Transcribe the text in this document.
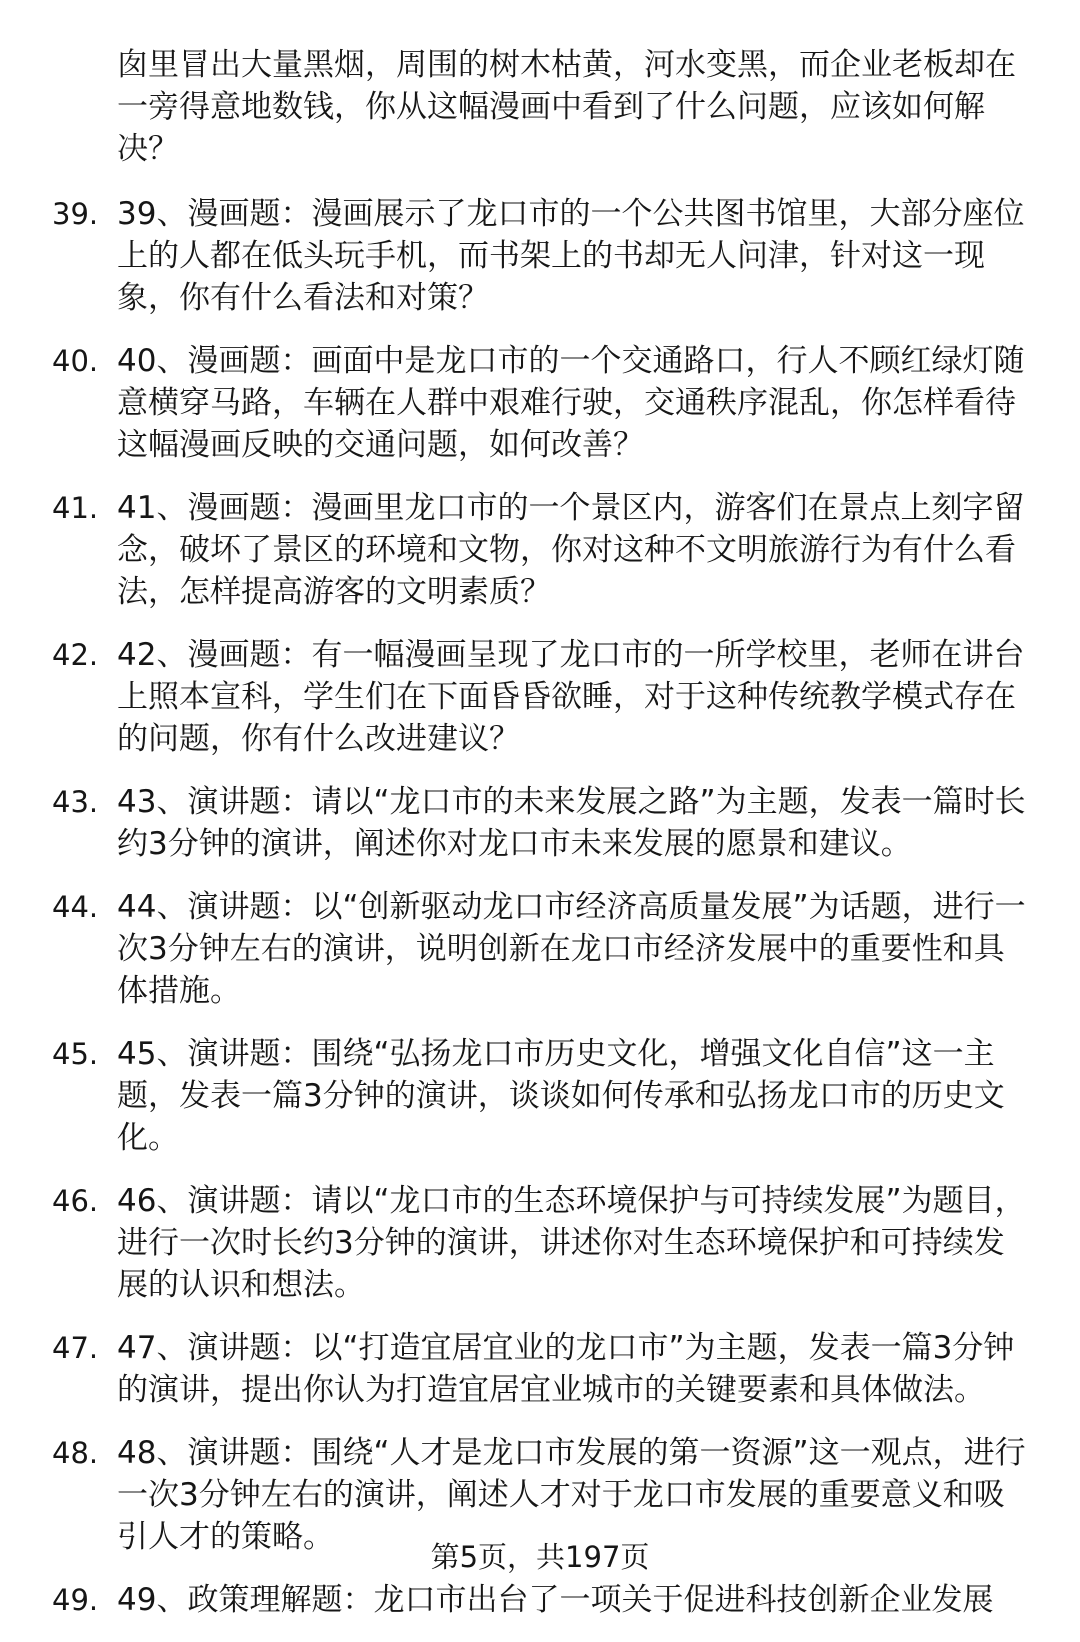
囱里冒出大量黑烟，周围的树木枯黄，河水变黑，而企业老板却在一旁得意地数钱，你从这幅漫画中看到了什么问题，应该如何解决？
39. 39、漫画题：漫画展示了龙口市的一个公共图书馆里，大部分座位上的人都在低头玩手机，而书架上的书却无人问津，针对这一现象，你有什么看法和对策？
40. 40、漫画题：画面中是龙口市的一个交通路口，行人不顾红绿灯随意横穿马路，车辆在人群中艰难行驶，交通秩序混乱，你怎样看待这幅漫画反映的交通问题，如何改善？
41. 41、漫画题：漫画里龙口市的一个景区内，游客们在景点上刻字留念，破坏了景区的环境和文物，你对这种不文明旅游行为有什么看法，怎样提高游客的文明素质？
42. 42、漫画题：有一幅漫画呈现了龙口市的一所学校里，老师在讲台上照本宣科，学生们在下面昏昏欲睡，对于这种传统教学模式存在的问题，你有什么改进建议？
43. 43、演讲题：请以“龙口市的未来发展之路”为主题，发表一篇时长约3分钟的演讲，阐述你对龙口市未来发展的愿景和建议。
44. 44、演讲题：以“创新驱动龙口市经济高质量发展”为话题，进行一次3分钟左右的演讲，说明创新在龙口市经济发展中的重要性和具体措施。
45. 45、演讲题：围绕“弘扬龙口市历史文化，增强文化自信”这一主题，发表一篇3分钟的演讲，谈谈如何传承和弘扬龙口市的历史文化。
46. 46、演讲题：请以“龙口市的生态环境保护与可持续发展”为题目，进行一次时长约3分钟的演讲，讲述你对生态环境保护和可持续发展的认识和想法。
47. 47、演讲题：以“打造宜居宜业的龙口市”为主题，发表一篇3分钟的演讲，提出你认为打造宜居宜业城市的关键要素和具体做法。
48. 48、演讲题：围绕“人才是龙口市发展的第一资源”这一观点，进行一次3分钟左右的演讲，阐述人才对于龙口市发展的重要意义和吸引人才的策略。
49. 49、政策理解题：龙口市出台了一项关于促进科技创新企业发展
第5页，共197页
